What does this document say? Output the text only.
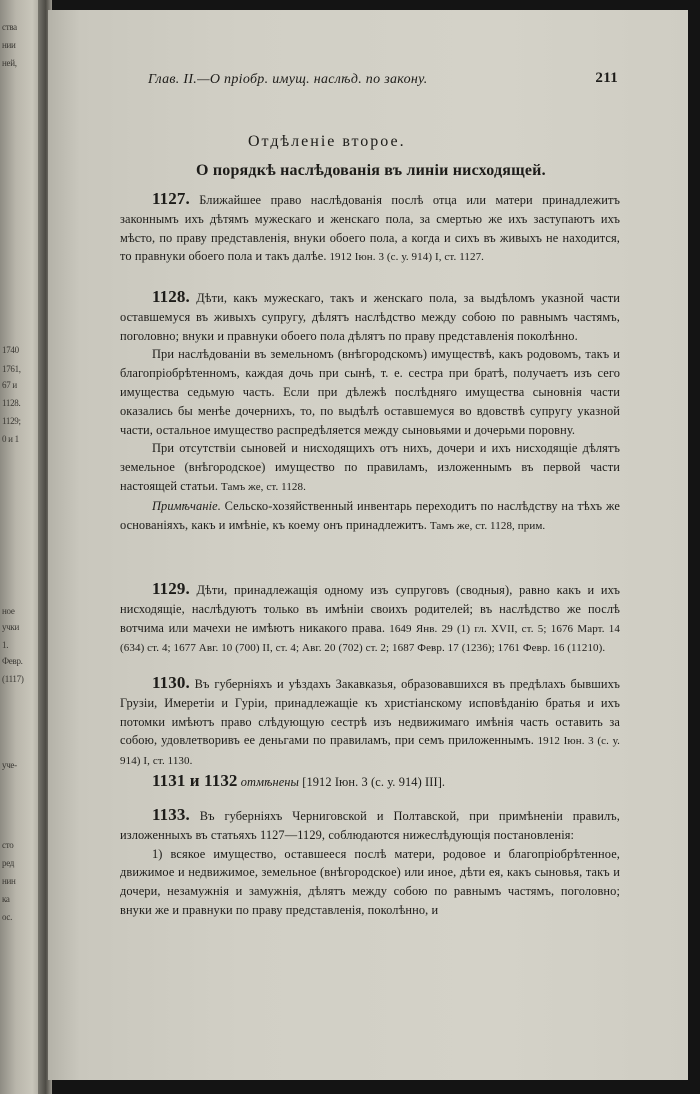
ства
нии
ней,
1740
1761,
67 и
1128.
1129;
0 и 1
ное
учки
1.
Февр.
(1117)
уче-
сто
ред
нин
ка
ос.
Глав. II.—О пріобр. имущ. наслѣд. по закону.	211
Отдѣленіе второе.
О порядкѣ наслѣдованія въ линіи нисходящей.
1127. Ближайшее право наслѣдованія послѣ отца или матери принадлежитъ законнымъ ихъ дѣтямъ мужескаго и женскаго пола, за смертью же ихъ заступаютъ ихъ мѣсто, по праву представленія, внуки обоего пола, а когда и сихъ въ живыхъ не находится, то правнуки обоего пола и такъ далѣе. 1912 Іюн. 3 (с. у. 914) I, ст. 1127.
1128. Дѣти, какъ мужескаго, такъ и женскаго пола, за выдѣломъ указной части оставшемуся въ живыхъ супругу, дѣлятъ наслѣдство между собою по равнымъ частямъ, поголовно; внуки и правнуки обоего пола дѣлятъ по праву представленія поколѣнно.
При наслѣдованіи въ земельномъ (внѣгородскомъ) имуществѣ, какъ родовомъ, такъ и благопріобрѣтенномъ, каждая дочь при сынѣ, т. е. сестра при братѣ, получаетъ изъ сего имущества седьмую часть. Если при дѣлежѣ послѣдняго имущества сыновнія части оказались бы менѣе дочернихъ, то, по выдѣлѣ оставшемуся во вдовствѣ супругу указной части, остальное имущество распредѣляется между сыновьями и дочерьми поровну.
При отсутствіи сыновей и нисходящихъ отъ нихъ, дочери и ихъ нисходящіе дѣлятъ земельное (внѣгородское) имущество по правиламъ, изложеннымъ въ первой части настоящей статьи. Тамъ же, ст. 1128.
Примѣчаніе. Сельско-хозяйственный инвентарь переходитъ по наслѣдству на тѣхъ же основаніяхъ, какъ и имѣніе, къ коему онъ принадлежитъ. Тамъ же, ст. 1128, прим.
1129. Дѣти, принадлежащія одному изъ супруговъ (сводныя), равно какъ и ихъ нисходящіе, наслѣдуютъ только въ имѣніи своихъ родителей; въ наслѣдство же послѣ вотчима или мачехи не имѣютъ никакого права. 1649 Янв. 29 (1) гл. XVII, ст. 5; 1676 Март. 14 (634) ст. 4; 1677 Авг. 10 (700) II, ст. 4; Авг. 20 (702) ст. 2; 1687 Февр. 17 (1236); 1761 Февр. 16 (11210).
1130. Въ губерніяхъ и уѣздахъ Закавказья, образовавшихся въ предѣлахъ бывшихъ Грузіи, Имеретіи и Гуріи, принадлежащіе къ христіанскому исповѣданію братья и ихъ потомки имѣютъ право слѣдующую сестрѣ изъ недвижимаго имѣнія часть оставить за собою, удовлетворивъ ее деньгами по правиламъ, при семъ приложеннымъ. 1912 Іюн. 3 (с. у. 914) I, ст. 1130.
1131 и 1132 отмѣнены [1912 Іюн. 3 (с. у. 914) III].
1133. Въ губерніяхъ Черниговской и Полтавской, при примѣненіи правилъ, изложенныхъ въ статьяхъ 1127—1129, соблюдаются нижеслѣдующія постановленія:
1) всякое имущество, оставшееся послѣ матери, родовое и благопріобрѣтенное, движимое и недвижимое, земельное (внѣгородское) или иное, дѣти ея, какъ сыновья, такъ и дочери, незамужнія и замужнія, дѣлятъ между собою по равнымъ частямъ, поголовно; внуки же и правнуки по праву представленія, поколѣнно, и
